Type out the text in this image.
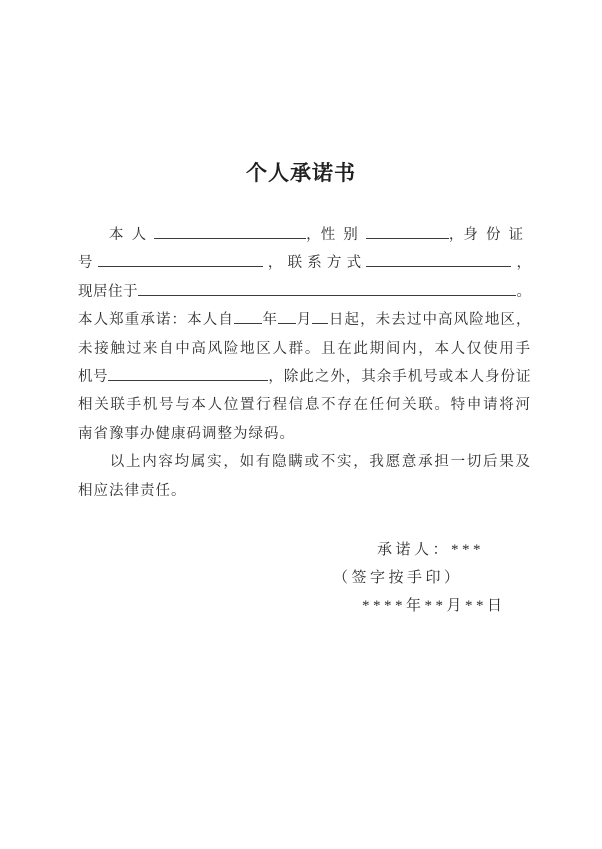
个人承诺书
本人	，性别	，身份证
号	，联系方式	，
现居住于	。
本人郑重承诺：本人自 年 月 日起，未去过中高风险地区，
未接触过来自中高风险地区人群。且在此期间内，本人仅使用手
机号	，除此之外，其余手机号或本人身份证
相关联手机号与本人位置行程信息不存在任何关联。特申请将河
南省豫事办健康码调整为绿码。
以上内容均属实，如有隐瞒或不实，我愿意承担一切后果及
相应法律责任。
承诺人：***
（签字按手印）
****年**月**日
